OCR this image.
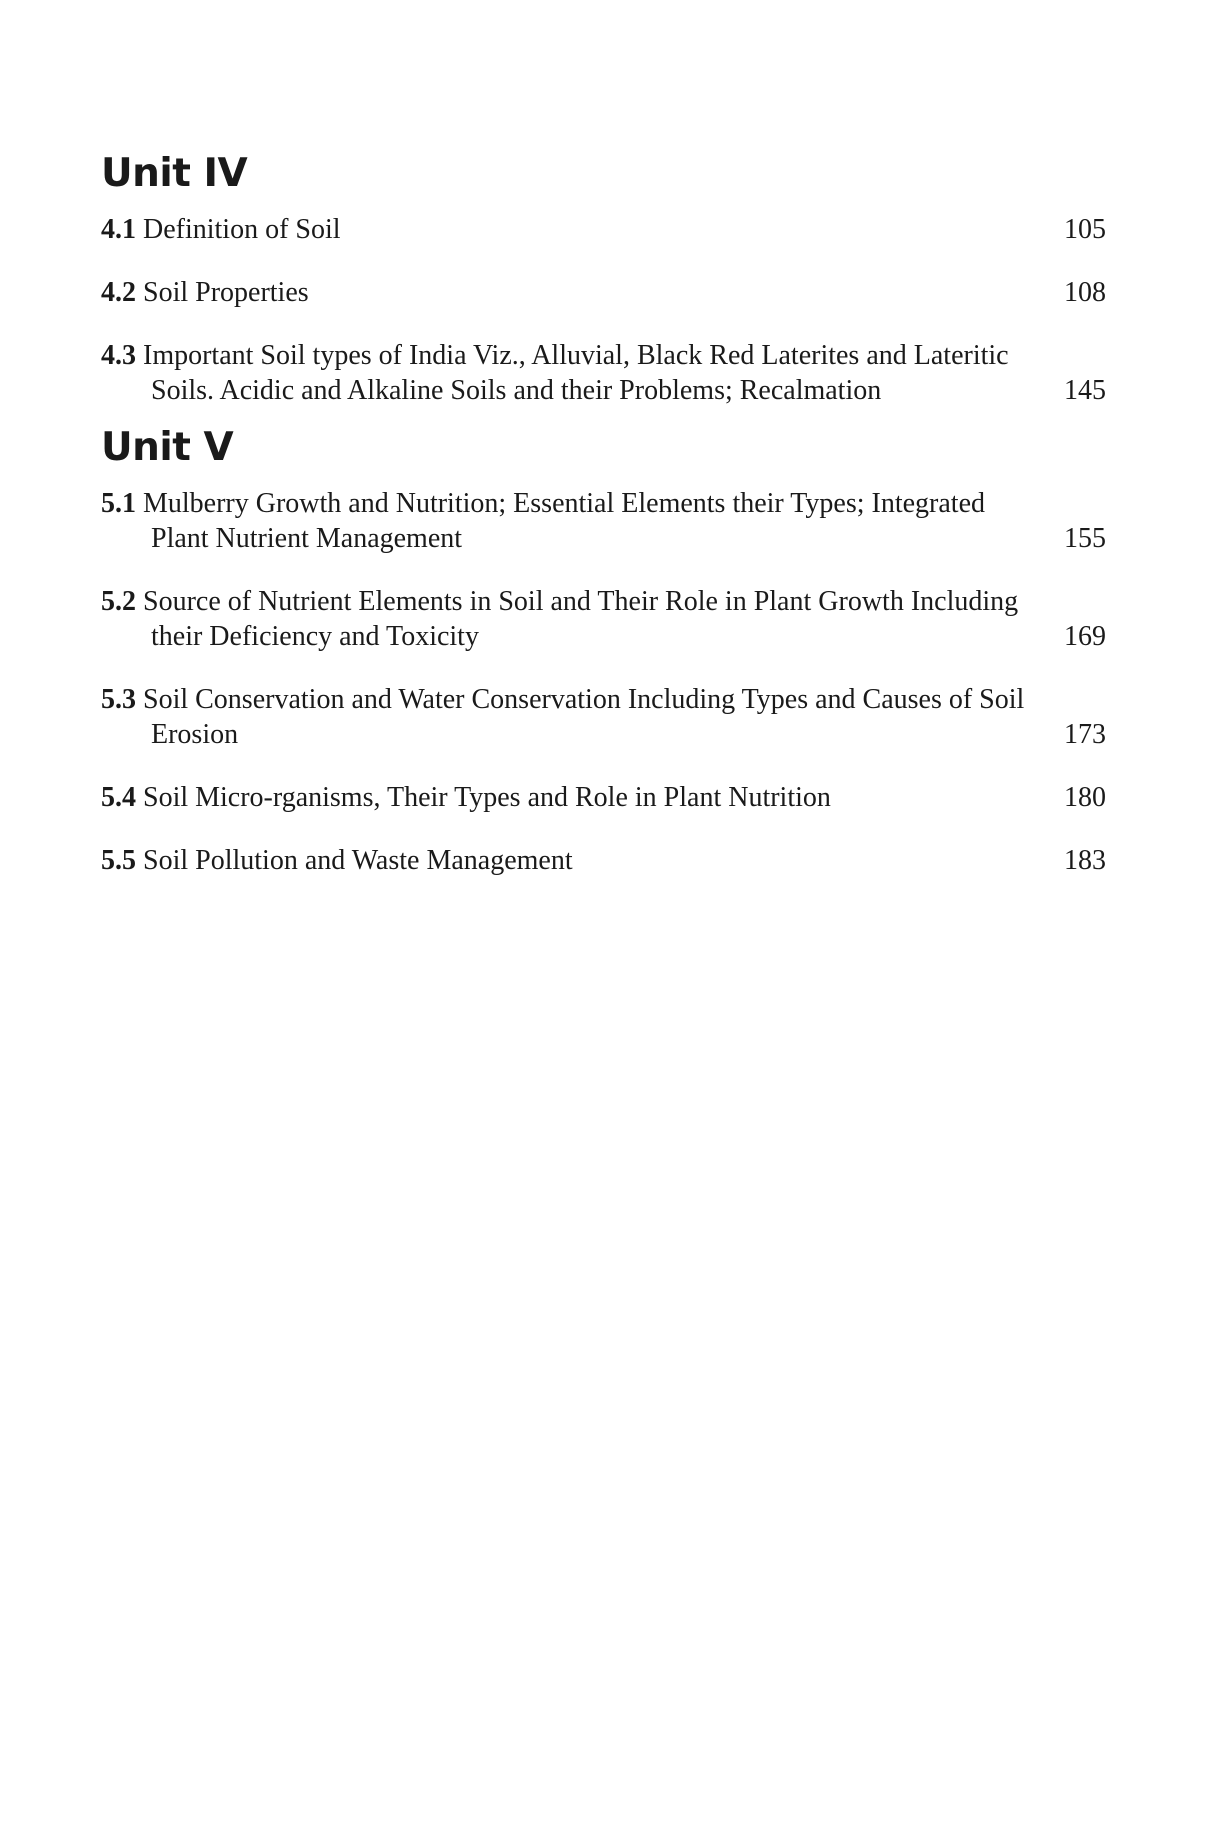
Unit IV
4.1 Definition of Soil	105
4.2 Soil Properties	108
4.3 Important Soil types of India Viz., Alluvial, Black Red Laterites and Lateritic Soils. Acidic and Alkaline Soils and their Problems; Recalmation	145
Unit V
5.1 Mulberry Growth and Nutrition; Essential Elements their Types; Integrated Plant Nutrient Management	155
5.2 Source of Nutrient Elements in Soil and Their Role in Plant Growth Including their Deficiency and Toxicity	169
5.3 Soil Conservation and Water Conservation Including Types and Causes of Soil Erosion	173
5.4 Soil Micro-rganisms, Their Types and Role in Plant Nutrition	180
5.5 Soil Pollution and Waste Management	183
